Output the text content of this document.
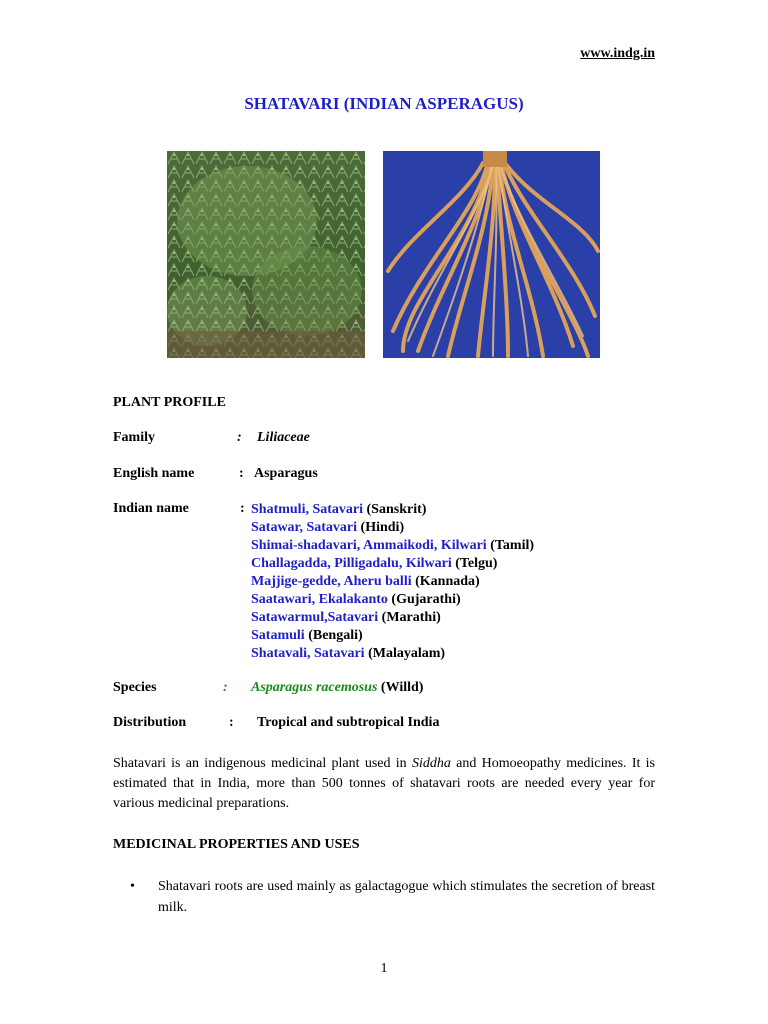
www.indg.in
SHATAVARI (INDIAN ASPERAGUS)
PLANT PROFILE
Family	: Liliaceae
English name	: Asparagus
Indian name	: Shatmuli, Satavari (Sanskrit)
Satawar, Satavari (Hindi)
Shimai-shadavari, Ammaikodi, Kilwari (Tamil)
Challagadda, Pilligadalu, Kilwari (Telgu)
Majjige-gedde, Aheru balli (Kannada)
Saatawari, Ekalakanto (Gujarathi)
Satawarmul,Satavari (Marathi)
Satamuli (Bengali)
Shatavali, Satavari (Malayalam)
Species	: Asparagus racemosus (Willd)
Distribution	: Tropical and subtropical India
Shatavari is an indigenous medicinal plant used in Siddha and Homoeopathy medicines. It is estimated that in India, more than 500 tonnes of shatavari roots are needed every year for various medicinal preparations.
MEDICINAL PROPERTIES AND USES
• Shatavari roots are used mainly as galactagogue which stimulates the secretion of breast milk.
1
